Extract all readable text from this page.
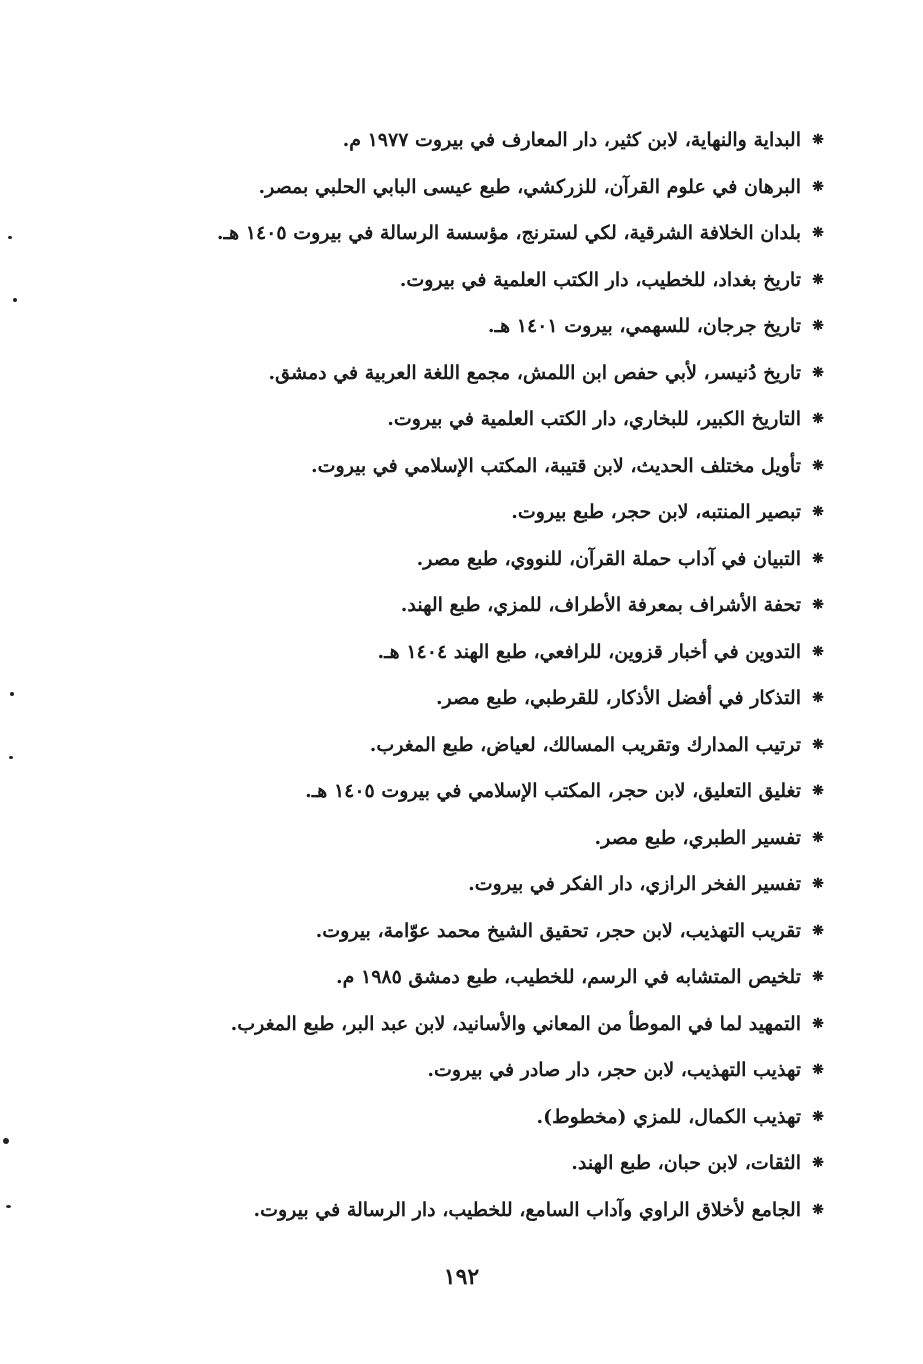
❋البداية والنهاية، لابن كثير، دار المعارف في بيروت ١٩٧٧ م.
❋البرهان في علوم القرآن، للزركشي، طبع عيسى البابي الحلبي بمصر.
❋بلدان الخلافة الشرقية، لكي لسترنج، مؤسسة الرسالة في بيروت ١٤٠٥ هـ.
❋تاريخ بغداد، للخطيب، دار الكتب العلمية في بيروت.
❋تاريخ جرجان، للسهمي، بيروت ١٤٠١ هـ.
❋تاريخ دُنيسر، لأبي حفص ابن اللمش، مجمع اللغة العربية في دمشق.
❋التاريخ الكبير، للبخاري، دار الكتب العلمية في بيروت.
❋تأويل مختلف الحديث، لابن قتيبة، المكتب الإسلامي في بيروت.
❋تبصير المنتبه، لابن حجر، طبع بيروت.
❋التبيان في آداب حملة القرآن، للنووي، طبع مصر.
❋تحفة الأشراف بمعرفة الأطراف، للمزي، طبع الهند.
❋التدوين في أخبار قزوين، للرافعي، طبع الهند ١٤٠٤ هـ.
❋التذكار في أفضل الأذكار، للقرطبي، طبع مصر.
❋ترتيب المدارك وتقريب المسالك، لعياض، طبع المغرب.
❋تغليق التعليق، لابن حجر، المكتب الإسلامي في بيروت ١٤٠٥ هـ.
❋تفسير الطبري، طبع مصر.
❋تفسير الفخر الرازي، دار الفكر في بيروت.
❋تقريب التهذيب، لابن حجر، تحقيق الشيخ محمد عوّامة، بيروت.
❋تلخيص المتشابه في الرسم، للخطيب، طبع دمشق ١٩٨٥ م.
❋التمهيد لما في الموطأ من المعاني والأسانيد، لابن عبد البر، طبع المغرب.
❋تهذيب التهذيب، لابن حجر، دار صادر في بيروت.
❋تهذيب الكمال، للمزي (مخطوط).
❋الثقات، لابن حبان، طبع الهند.
❋الجامع لأخلاق الراوي وآداب السامع، للخطيب، دار الرسالة في بيروت.
١٩٢
